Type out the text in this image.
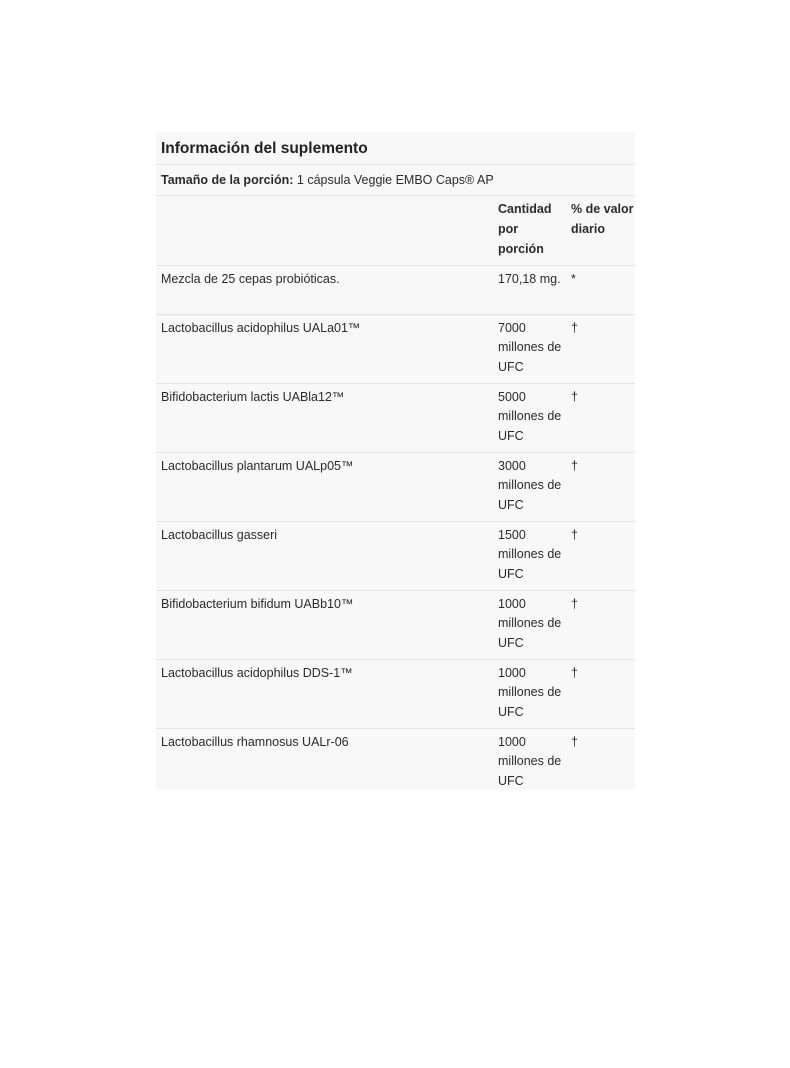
Información del suplemento
Tamaño de la porción: 1 cápsula Veggie EMBO Caps® AP
	Cantidad por porción	% de valor diario
Mezcla de 25 cepas probióticas.	170,18 mg.	*
Lactobacillus acidophilus UALa01™	7000 millones de UFC	†
Bifidobacterium lactis UABla12™	5000 millones de UFC	†
Lactobacillus plantarum UALp05™	3000 millones de UFC	†
Lactobacillus gasseri	1500 millones de UFC	†
Bifidobacterium bifidum UABb10™	1000 millones de UFC	†
Lactobacillus acidophilus DDS-1™	1000 millones de UFC	†
Lactobacillus rhamnosus UALr-06	1000 millones de UFC	†
